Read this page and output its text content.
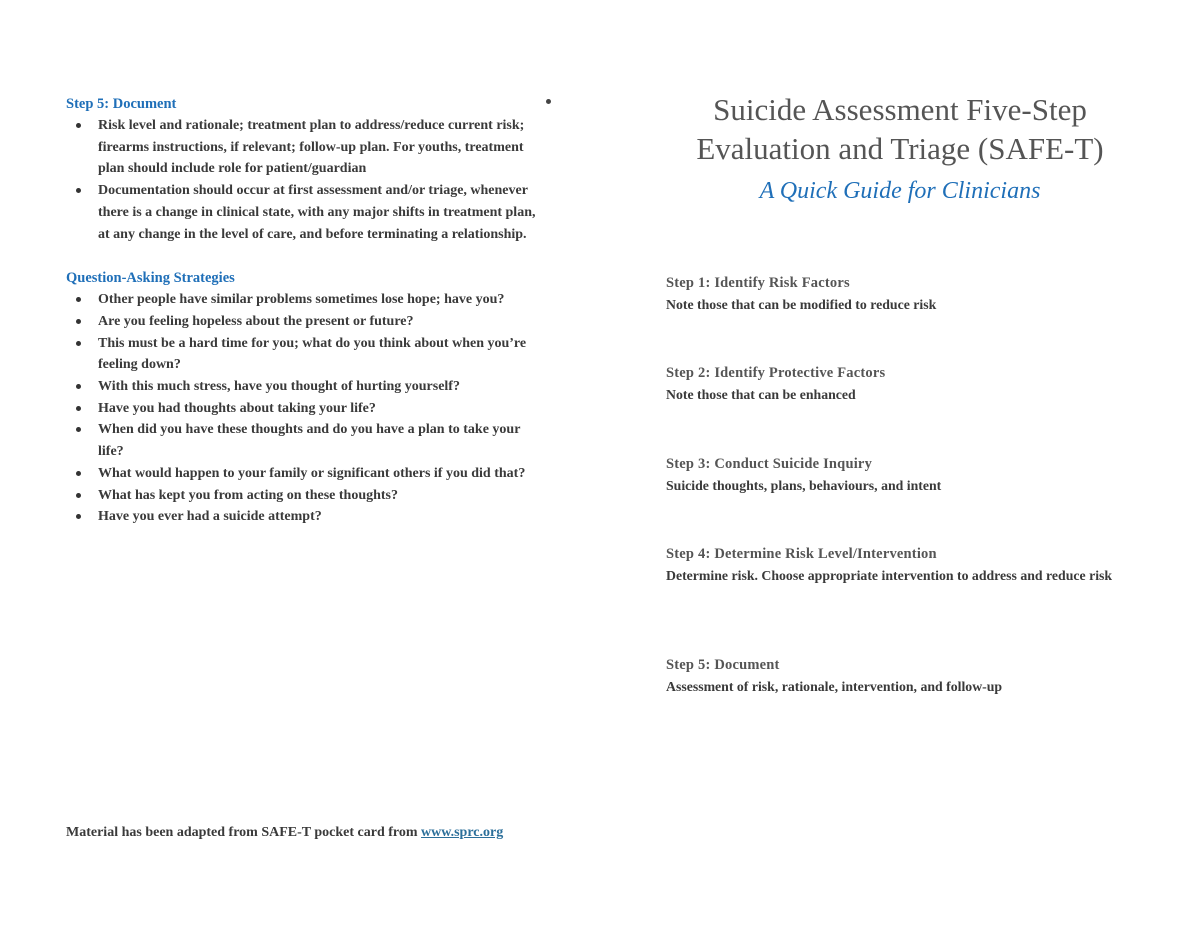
Step 5: Document
Risk level and rationale; treatment plan to address/reduce current risk; firearms instructions, if relevant; follow-up plan. For youths, treatment plan should include role for patient/guardian
Documentation should occur at first assessment and/or triage, whenever there is a change in clinical state, with any major shifts in treatment plan, at any change in the level of care, and before terminating a relationship.
Question-Asking Strategies
Other people have similar problems sometimes lose hope; have you?
Are you feeling hopeless about the present or future?
This must be a hard time for you; what do you think about when you’re feeling down?
With this much stress, have you thought of hurting yourself?
Have you had thoughts about taking your life?
When did you have these thoughts and do you have a plan to take your life?
What would happen to your family or significant others if you did that?
What has kept you from acting on these thoughts?
Have you ever had a suicide attempt?
Material has been adapted from SAFE-T pocket card from www.sprc.org
Suicide Assessment Five-Step
Evaluation and Triage (SAFE-T)
A Quick Guide for Clinicians
Step 1: Identify Risk Factors
Note those that can be modified to reduce risk
Step 2: Identify Protective Factors
Note those that can be enhanced
Step 3: Conduct Suicide Inquiry
Suicide thoughts, plans, behaviours, and intent
Step 4: Determine Risk Level/Intervention
Determine risk. Choose appropriate intervention to address and reduce risk
Step 5: Document
Assessment of risk, rationale, intervention, and follow-up
